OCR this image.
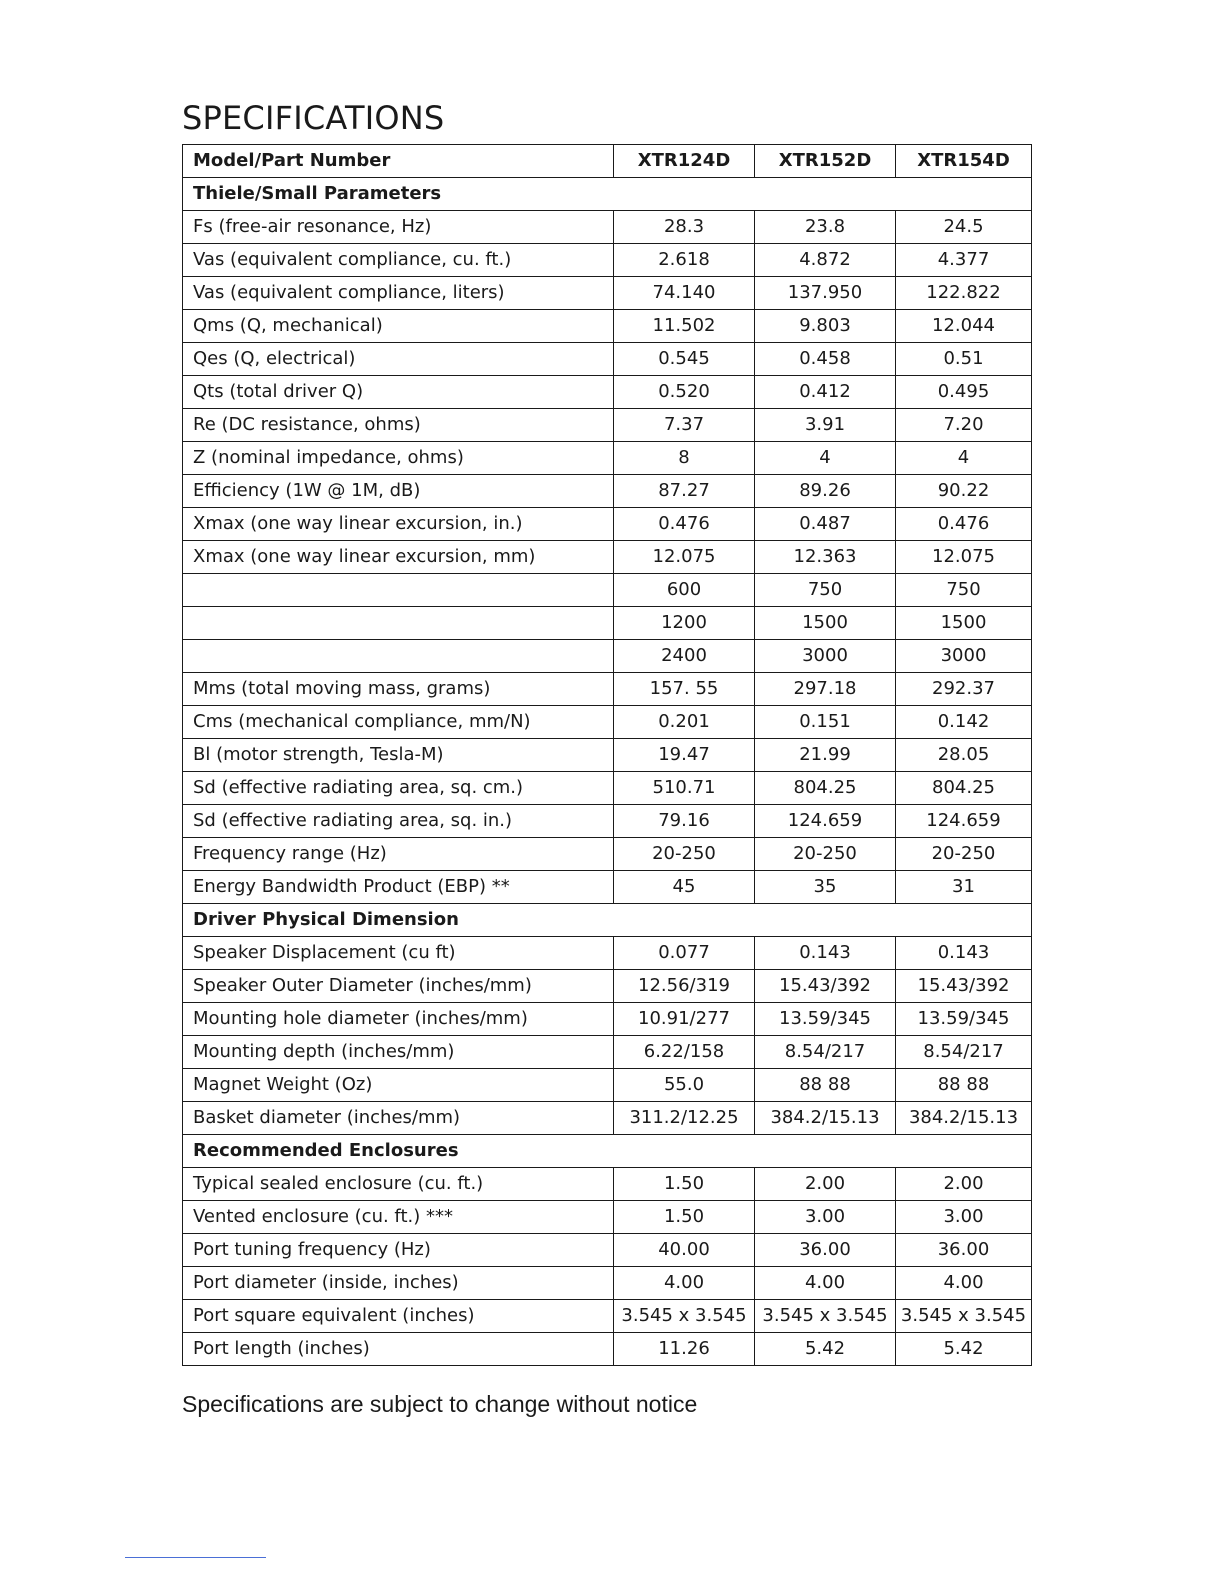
SPECIFICATIONS
Model/Part Number	XTR124D	XTR152D	XTR154D
Thiele/Small Parameters			
Fs (free-air resonance, Hz)	28.3	23.8	24.5
Vas (equivalent compliance, cu. ft.)	2.618	4.872	4.377
Vas (equivalent compliance, liters)	74.140	137.950	122.822
Qms (Q, mechanical)	11.502	9.803	12.044
Qes (Q, electrical)	0.545	0.458	0.51
Qts (total driver Q)	0.520	0.412	0.495
Re (DC resistance, ohms)	7.37	3.91	7.20
Z (nominal impedance, ohms)	8	4	4
Efficiency (1W @ 1M, dB)	87.27	89.26	90.22
Xmax (one way linear excursion, in.)	0.476	0.487	0.476
Xmax (one way linear excursion, mm)	12.075	12.363	12.075
	600	750	750
	1200	1500	1500
	2400	3000	3000
Mms (total moving mass, grams)	157. 55	297.18	292.37
Cms (mechanical compliance, mm/N)	0.201	0.151	0.142
Bl (motor strength, Tesla-M)	19.47	21.99	28.05
Sd (effective radiating area, sq. cm.)	510.71	804.25	804.25
Sd (effective radiating area, sq. in.)	79.16	124.659	124.659
Frequency range (Hz)	20-250	20-250	20-250
Energy Bandwidth Product (EBP) **	45	35	31
Driver Physical Dimension			
Speaker Displacement (cu ft)	0.077	0.143	0.143
Speaker Outer Diameter (inches/mm)	12.56/319	15.43/392	15.43/392
Mounting hole diameter (inches/mm)	10.91/277	13.59/345	13.59/345
Mounting depth (inches/mm)	6.22/158	8.54/217	8.54/217
Magnet Weight (Oz)	55.0	88 88	88 88
Basket diameter (inches/mm)	311.2/12.25	384.2/15.13	384.2/15.13
Recommended Enclosures			
Typical sealed enclosure (cu. ft.)	1.50	2.00	2.00
Vented enclosure (cu. ft.) ***	1.50	3.00	3.00
Port tuning frequency (Hz)	40.00	36.00	36.00
Port diameter (inside, inches)	4.00	4.00	4.00
Port square equivalent (inches)	3.545 x 3.545	3.545 x 3.545	3.545 x 3.545
Port length (inches)	11.26	5.42	5.42

Specifications are subject to change without notice
